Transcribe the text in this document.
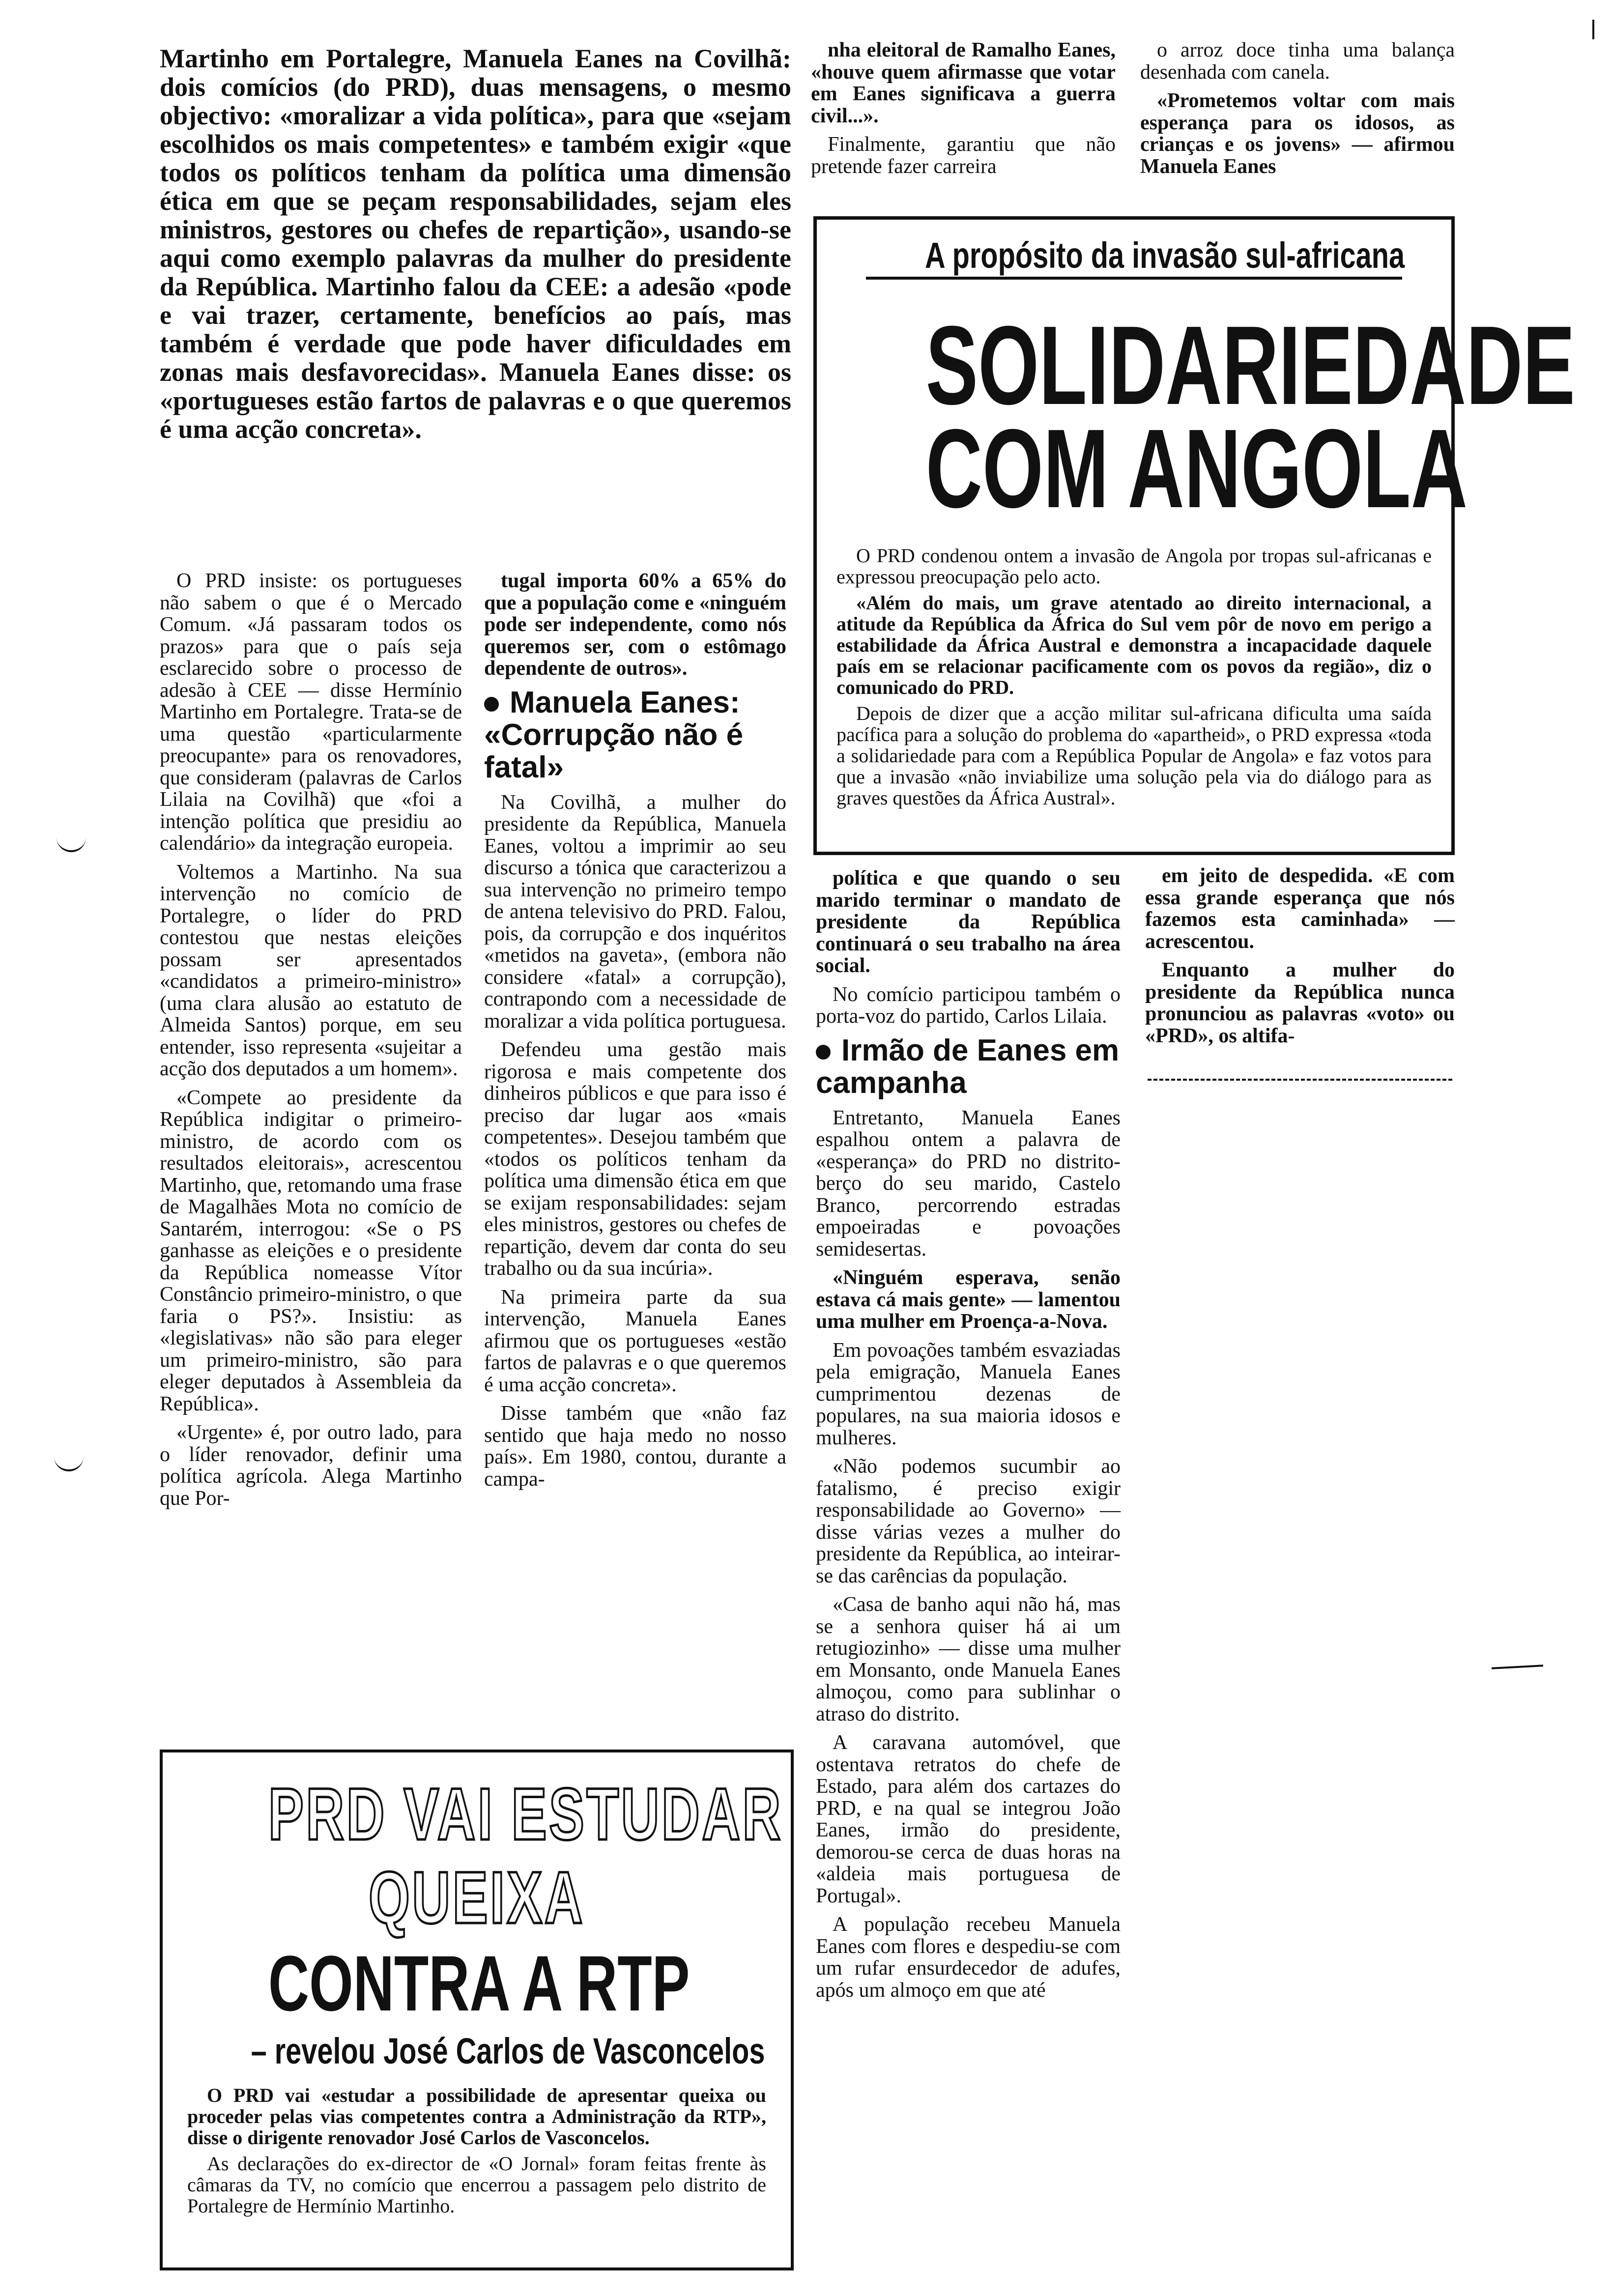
Martinho em Portalegre, Manuela Eanes na Covilhã: dois comícios (do PRD), duas mensagens, o mesmo objectivo: «moralizar a vida política», para que «sejam escolhidos os mais competentes» e também exigir «que todos os políticos tenham da política uma dimensão ética em que se peçam responsabilidades, sejam eles ministros, gestores ou chefes de repartição», usando-se aqui como exemplo palavras da mulher do presidente da República. Martinho falou da CEE: a adesão «pode e vai trazer, certamente, benefícios ao país, mas também é verdade que pode haver dificuldades em zonas mais desfavorecidas». Manuela Eanes disse: os «portugueses estão fartos de palavras e o que queremos é uma acção concreta».

O PRD insiste: os portugueses não sabem o que é o Mercado Comum. «Já passaram todos os prazos» para que o país seja esclarecido sobre o processo de adesão à CEE — disse Hermínio Martinho em Portalegre. Trata-se de uma questão «particularmente preocupante» para os renovadores, que consideram (palavras de Carlos Lilaia na Covilhã) que «foi a intenção política que presidiu ao calendário» da integração europeia.

Voltemos a Martinho. Na sua intervenção no comício de Portalegre, o líder do PRD contestou que nestas eleições possam ser apresentados «candidatos a primeiro-ministro» (uma clara alusão ao estatuto de Almeida Santos) porque, em seu entender, isso representa «sujeitar a acção dos deputados a um homem».

«Compete ao presidente da República indigitar o primeiro-ministro, de acordo com os resultados eleitorais», acrescentou Martinho, que, retomando uma frase de Magalhães Mota no comício de Santarém, interrogou: «Se o PS ganhasse as eleições e o presidente da República nomeasse Vítor Constâncio primeiro-ministro, o que faria o PS?». Insistiu: as «legislativas» não são para eleger um primeiro-ministro, são para eleger deputados à Assembleia da República».

«Urgente» é, por outro lado, para o líder renovador, definir uma política agrícola. Alega Martinho que Por-

tugal importa 60% a 65% do que a população come e «ninguém pode ser independente, como nós queremos ser, com o estômago dependente de outros».

Manuela Eanes: «Corrupção não é fatal»

Na Covilhã, a mulher do presidente da República, Manuela Eanes, voltou a imprimir ao seu discurso a tónica que caracterizou a sua intervenção no primeiro tempo de antena televisivo do PRD. Falou, pois, da corrupção e dos inquéritos «metidos na gaveta», (embora não considere «fatal» a corrupção), contrapondo com a necessidade de moralizar a vida política portuguesa.

Defendeu uma gestão mais rigorosa e mais competente dos dinheiros públicos e que para isso é preciso dar lugar aos «mais competentes». Desejou também que «todos os políticos tenham da política uma dimensão ética em que se exijam responsabilidades: sejam eles ministros, gestores ou chefes de repartição, devem dar conta do seu trabalho ou da sua incúria».

Na primeira parte da sua intervenção, Manuela Eanes afirmou que os portugueses «estão fartos de palavras e o que queremos é uma acção concreta».

Disse também que «não faz sentido que haja medo no nosso país». Em 1980, contou, durante a campa-

nha eleitoral de Ramalho Eanes, «houve quem afirmasse que votar em Eanes significava a guerra civil...».

Finalmente, garantiu que não pretende fazer carreira

o arroz doce tinha uma balança desenhada com canela.

«Prometemos voltar com mais esperança para os idosos, as crianças e os jovens» — afirmou Manuela Eanes

A propósito da invasão sul-africana
SOLIDARIEDADE
COM ANGOLA

O PRD condenou ontem a invasão de Angola por tropas sul-africanas e expressou preocupação pelo acto.

«Além do mais, um grave atentado ao direito internacional, a atitude da República da África do Sul vem pôr de novo em perigo a estabilidade da África Austral e demonstra a incapacidade daquele país em se relacionar pacificamente com os povos da região», diz o comunicado do PRD.

Depois de dizer que a acção militar sul-africana dificulta uma saída pacífica para a solução do problema do «apartheid», o PRD expressa «toda a solidariedade para com a República Popular de Angola» e faz votos para que a invasão «não inviabilize uma solução pela via do diálogo para as graves questões da África Austral».

política e que quando o seu marido terminar o mandato de presidente da República continuará o seu trabalho na área social.

No comício participou também o porta-voz do partido, Carlos Lilaia.

Irmão de Eanes em campanha

Entretanto, Manuela Eanes espalhou ontem a palavra de «esperança» do PRD no distrito-berço do seu marido, Castelo Branco, percorrendo estradas empoeiradas e povoações semidesertas.

«Ninguém esperava, senão estava cá mais gente» — lamentou uma mulher em Proença-a-Nova.

Em povoações também esvaziadas pela emigração, Manuela Eanes cumprimentou dezenas de populares, na sua maioria idosos e mulheres.

«Não podemos sucumbir ao fatalismo, é preciso exigir responsabilidade ao Governo» — disse várias vezes a mulher do presidente da República, ao inteirar-se das carências da população.

«Casa de banho aqui não há, mas se a senhora quiser há ai um retugiozinho» — disse uma mulher em Monsanto, onde Manuela Eanes almoçou, como para sublinhar o atraso do distrito.

A caravana automóvel, que ostentava retratos do chefe de Estado, para além dos cartazes do PRD, e na qual se integrou João Eanes, irmão do presidente, demorou-se cerca de duas horas na «aldeia mais portuguesa de Portugal».

A população recebeu Manuela Eanes com flores e despediu-se com um rufar ensurdecedor de adufes, após um almoço em que até

em jeito de despedida. «E com essa grande esperança que nós fazemos esta caminhada» — acrescentou.

Enquanto a mulher do presidente da República nunca pronunciou as palavras «voto» ou «PRD», os altifa-

PRD VAI ESTUDAR
QUEIXA
CONTRA A RTP
– revelou José Carlos de Vasconcelos

O PRD vai «estudar a possibilidade de apresentar queixa ou proceder pelas vias competentes contra a Administração da RTP», disse o dirigente renovador José Carlos de Vasconcelos.

As declarações do ex-director de «O Jornal» foram feitas frente às câmaras da TV, no comício que encerrou a passagem pelo distrito de Portalegre de Hermínio Martinho.
